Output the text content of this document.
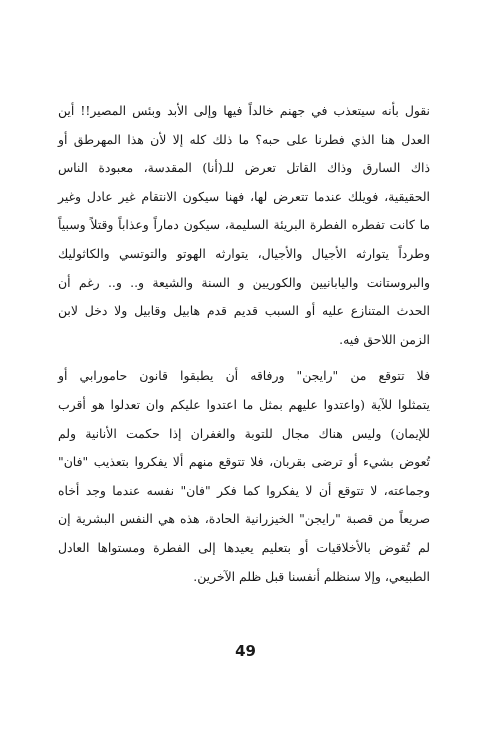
نقول بأنه سيتعذب في جهنم خالداً فيها وإلى الأبد وبئس المصير!! أين
العدل هنا الذي فطرنا على حبه؟ ما ذلك كله إلا لأن هذا المهرطق أو
ذاك السارق وذاك القاتل تعرض للـ(أنا) المقدسة، معبودة الناس
الحقيقية، فويلك عندما تتعرض لها، فهنا سيكون الانتقام غير عادل وغير
ما كانت تفطره الفطرة البريئة السليمة، سيكون دماراً وعذاباً وقتلاً وسبياً
وطرداً يتوارثه الأجيال والأجيال، يتوارثه الهوتو والتوتسي والكاثوليك
والبروستانت واليابانيين والكوريين و السنة والشيعة و.. و.. رغم أن
الحدث المتنازع عليه أو السبب قديم قدم هابيل وقابيل ولا دخل لابن
الزمن اللاحق فيه.
فلا تتوقع من "رايجن" ورفاقه أن يطبقوا قانون حامورابي أو
يتمثلوا للآية (واعتدوا عليهم بمثل ما اعتدوا عليكم وان تعدلوا هو أقرب
للإيمان) وليس هناك مجال للتوبة والغفران إذا حكمت الأنانية ولم
تُعوض بشيء أو ترضى بقربان، فلا تتوقع منهم ألا يفكروا بتعذيب "فان"
وجماعته، لا تتوقع أن لا يفكروا كما فكر "فان" نفسه عندما وجد أخاه
صريعاً من قصبة "رايجن" الخيزرانية الحادة، هذه هي النفس البشرية إن
لم تُقوض بالأخلاقيات أو بتعليم يعيدها إلى الفطرة ومستواها العادل
الطبيعي، وإلا سنظلم أنفسنا قبل ظلم الآخرين.
49
